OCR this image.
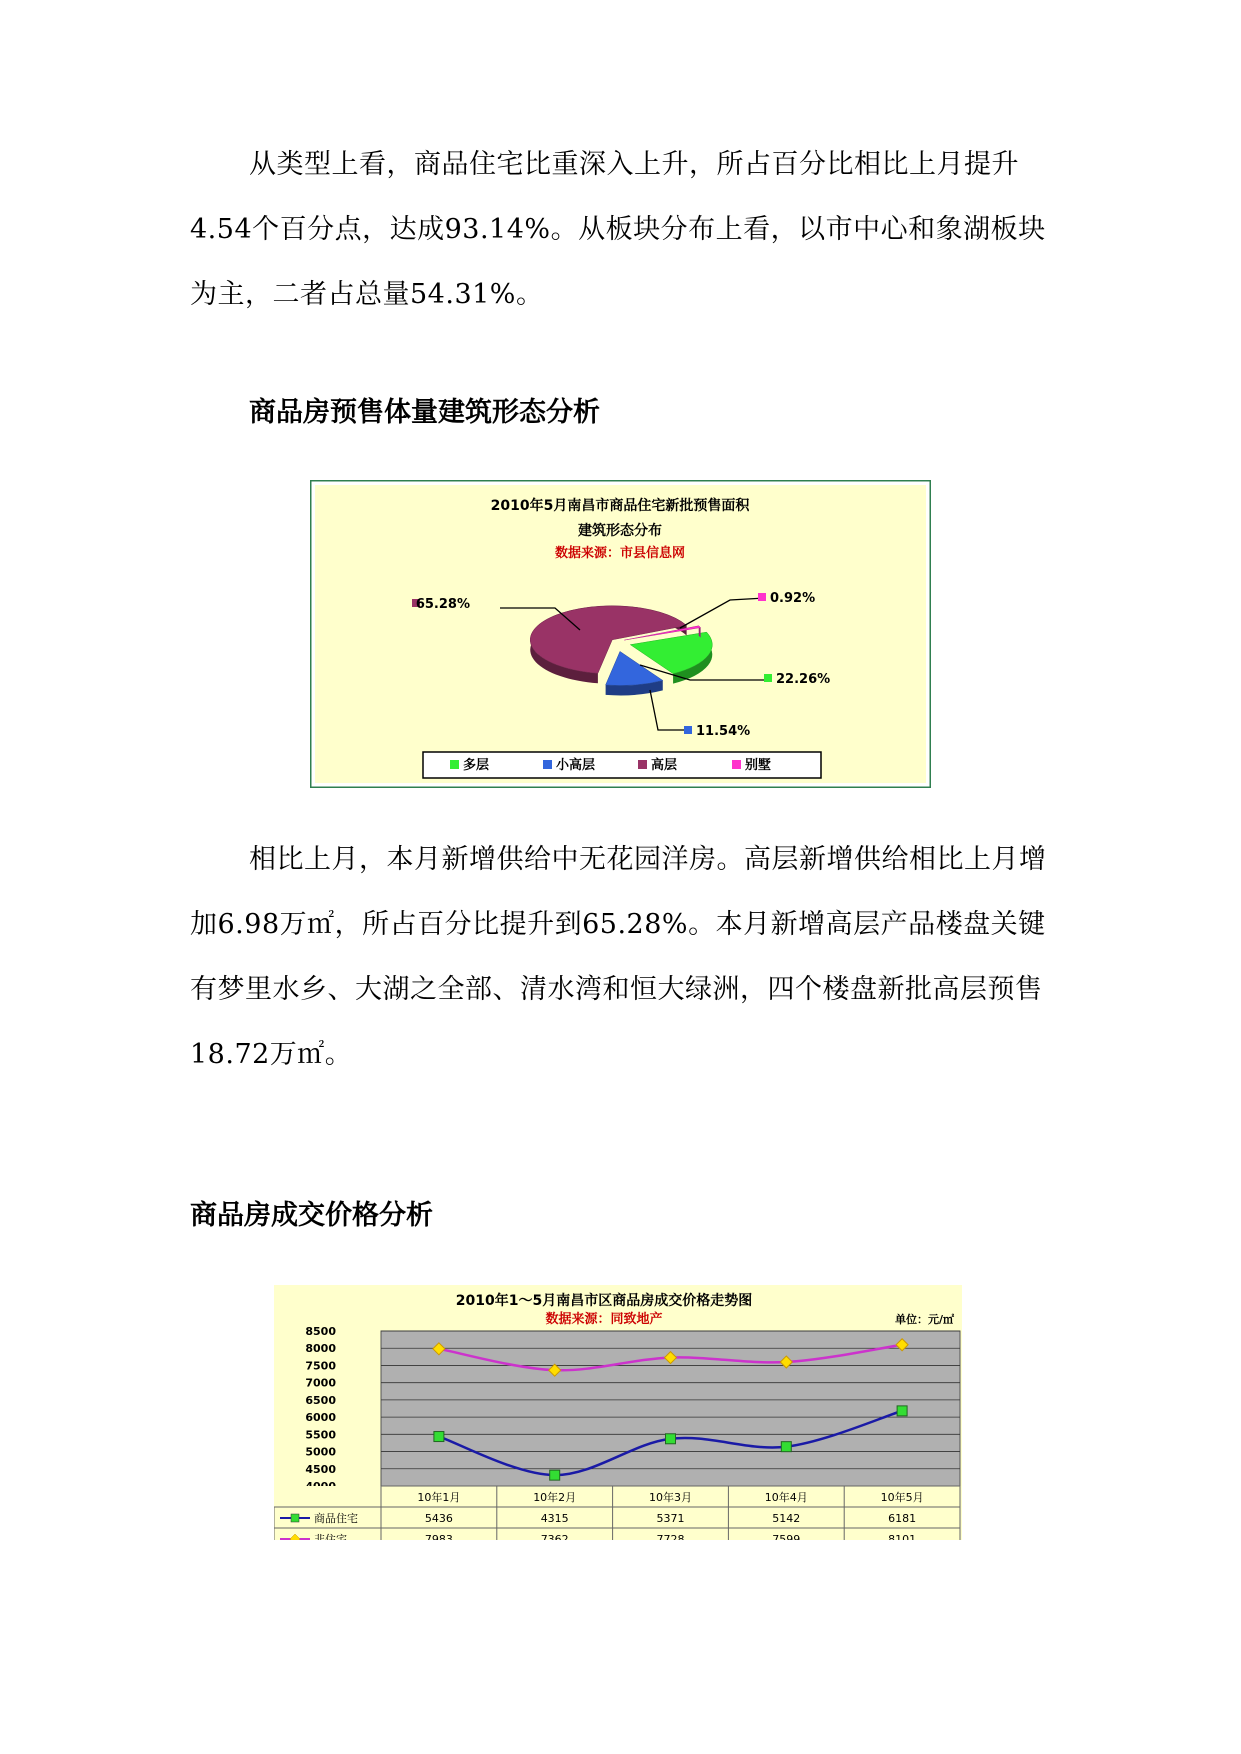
从类型上看，商品住宅比重深入上升，所占百分比相比上月提升4.54个百分点，达成93.14%。从板块分布上看，以市中心和象湖板块为主，二者占总量54.31%。

商品房预售体量建筑形态分析
2010年5月南昌市商品住宅新批预售面积
建筑形态分布
数据来源：市县信息网
22.26%
11.54%
65.28%	0.92%
多层	小高层	高层	别墅

相比上月，本月新增供给中无花园洋房。高层新增供给相比上月增加6.98万㎡，所占百分比提升到65.28%。本月新增高层产品楼盘关键有梦里水乡、大湖之全部、清水湾和恒大绿洲，四个楼盘新批高层预售18.72万㎡。

商品房成交价格分析
2010年1～5月南昌市区商品房成交价格走势图
数据来源：同致地产	单位：元/㎡
8500
8000
7500
7000
6500
6000
5500
5000
4500
10年1月	10年2月	10年3月	10年4月	10年5月
商品住宅	5436	4315	5371	5142	6181
非住宅	7983	7362	7728	7599	8101
